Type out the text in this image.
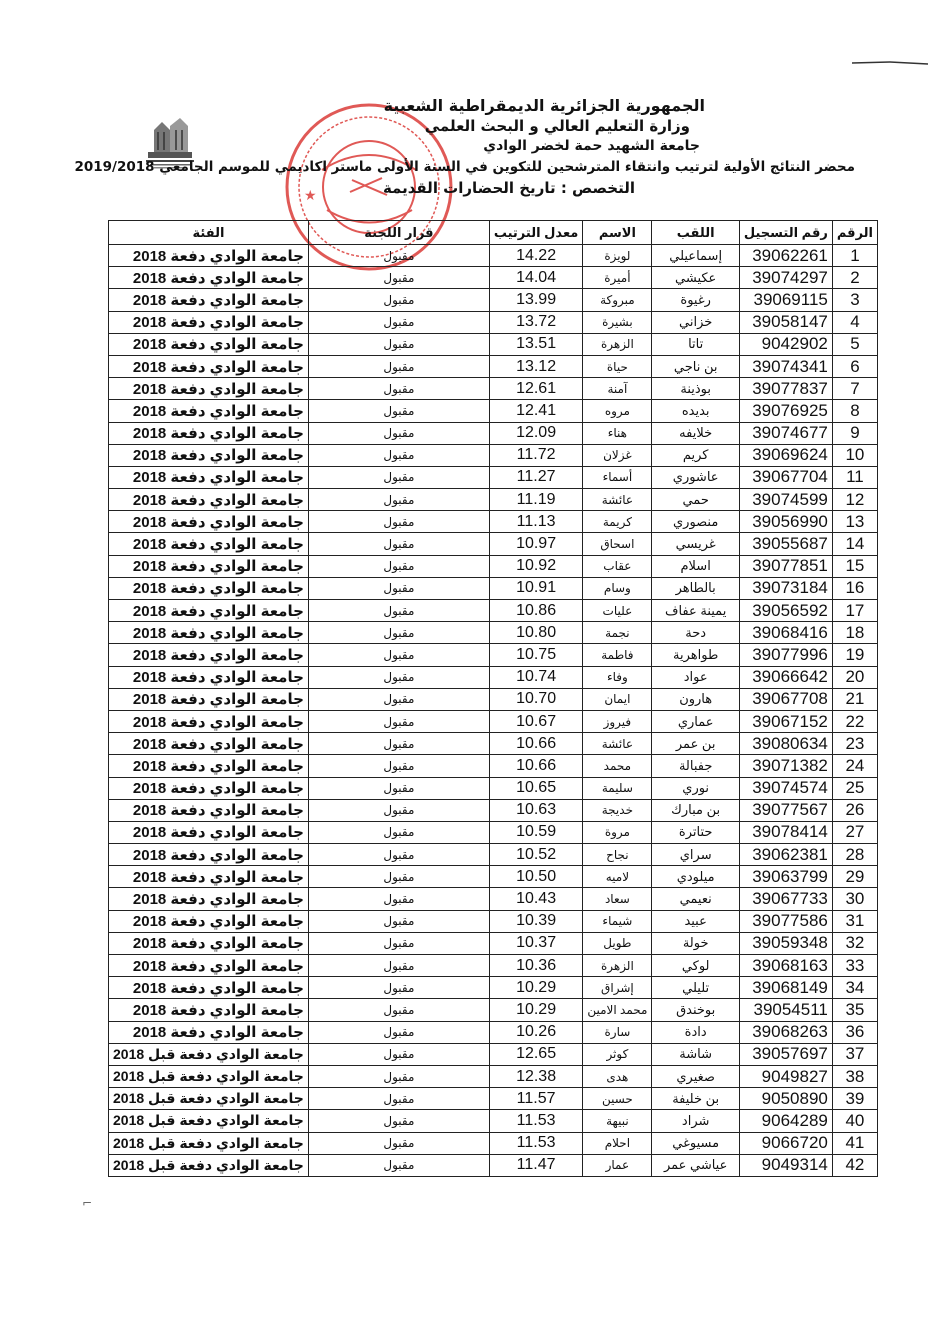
★
الجمهورية الجزائرية الديمقراطية الشعبية
وزارة التعليم العالي و البحث العلمي
جامعة الشهيد حمة لخضر الوادي
محضر النتائج الأولية لترتيب وانتقاء المترشحين للتكوين في السنة الأولى ماستر اكاديمي للموسم الجامعي 2019/2018
التخصص : تاريخ الحضارات القديمة
الرقم	رقم التسجيل	اللقب	الاسم	معدل الترتيب	قرار اللجنة	الفئة
1	39062261	إسماعيلي	لويزة	14.22	مقبول	جامعة الوادي دفعة 2018
2	39074297	عكيشي	أميرة	14.04	مقبول	جامعة الوادي دفعة 2018
3	39069115	رغيوة	مبروكة	13.99	مقبول	جامعة الوادي دفعة 2018
4	39058147	خزاني	بشيرة	13.72	مقبول	جامعة الوادي دفعة 2018
5	9042902	تاتا	الزهرة	13.51	مقبول	جامعة الوادي دفعة 2018
6	39074341	بن ناجي	حياة	13.12	مقبول	جامعة الوادي دفعة 2018
7	39077837	بوذينة	آمنة	12.61	مقبول	جامعة الوادي دفعة 2018
8	39076925	بديده	مروه	12.41	مقبول	جامعة الوادي دفعة 2018
9	39074677	خلايفه	هناء	12.09	مقبول	جامعة الوادي دفعة 2018
10	39069624	كريم	غزلان	11.72	مقبول	جامعة الوادي دفعة 2018
11	39067704	عاشوري	أسماء	11.27	مقبول	جامعة الوادي دفعة 2018
12	39074599	حمي	عائشة	11.19	مقبول	جامعة الوادي دفعة 2018
13	39056990	منصوري	كريمة	11.13	مقبول	جامعة الوادي دفعة 2018
14	39055687	غريسي	اسحاق	10.97	مقبول	جامعة الوادي دفعة 2018
15	39077851	اسلام	عقاب	10.92	مقبول	جامعة الوادي دفعة 2018
16	39073184	بالطاهر	وسام	10.91	مقبول	جامعة الوادي دفعة 2018
17	39056592	يمينة عفاف	عليات	10.86	مقبول	جامعة الوادي دفعة 2018
18	39068416	دحة	نجمة	10.80	مقبول	جامعة الوادي دفعة 2018
19	39077996	طواهرية	فاطمة	10.75	مقبول	جامعة الوادي دفعة 2018
20	39066642	عواد	وفاء	10.74	مقبول	جامعة الوادي دفعة 2018
21	39067708	هارون	ايمان	10.70	مقبول	جامعة الوادي دفعة 2018
22	39067152	عماري	فيروز	10.67	مقبول	جامعة الوادي دفعة 2018
23	39080634	بن عمر	عائشة	10.66	مقبول	جامعة الوادي دفعة 2018
24	39071382	جفبالة	محمد	10.66	مقبول	جامعة الوادي دفعة 2018
25	39074574	نوري	سليمة	10.65	مقبول	جامعة الوادي دفعة 2018
26	39077567	بن مبارك	خديجة	10.63	مقبول	جامعة الوادي دفعة 2018
27	39078414	حتاترة	مروة	10.59	مقبول	جامعة الوادي دفعة 2018
28	39062381	سراي	نجاح	10.52	مقبول	جامعة الوادي دفعة 2018
29	39063799	ميلودي	لاميه	10.50	مقبول	جامعة الوادي دفعة 2018
30	39067733	نعيمي	سعاد	10.43	مقبول	جامعة الوادي دفعة 2018
31	39077586	عبيد	شيماء	10.39	مقبول	جامعة الوادي دفعة 2018
32	39059348	خولة	طويل	10.37	مقبول	جامعة الوادي دفعة 2018
33	39068163	لوكي	الزهرة	10.36	مقبول	جامعة الوادي دفعة 2018
34	39068149	تليلي	إشراق	10.29	مقبول	جامعة الوادي دفعة 2018
35	39054511	بوخندق	محمد الامين	10.29	مقبول	جامعة الوادي دفعة 2018
36	39068263	دادة	سارة	10.26	مقبول	جامعة الوادي دفعة 2018
37	39057697	شاشة	كوثر	12.65	مقبول	جامعة الوادي دفعة قبل 2018
38	9049827	صغيري	هدى	12.38	مقبول	جامعة الوادي دفعة قبل 2018
39	9050890	بن خليفة	حسين	11.57	مقبول	جامعة الوادي دفعة قبل 2018
40	9064289	شراد	نبيهة	11.53	مقبول	جامعة الوادي دفعة قبل 2018
41	9066720	مسيوغي	احلام	11.53	مقبول	جامعة الوادي دفعة قبل 2018
42	9049314	عياشي عمر	عمار	11.47	مقبول	جامعة الوادي دفعة قبل 2018
⌐
